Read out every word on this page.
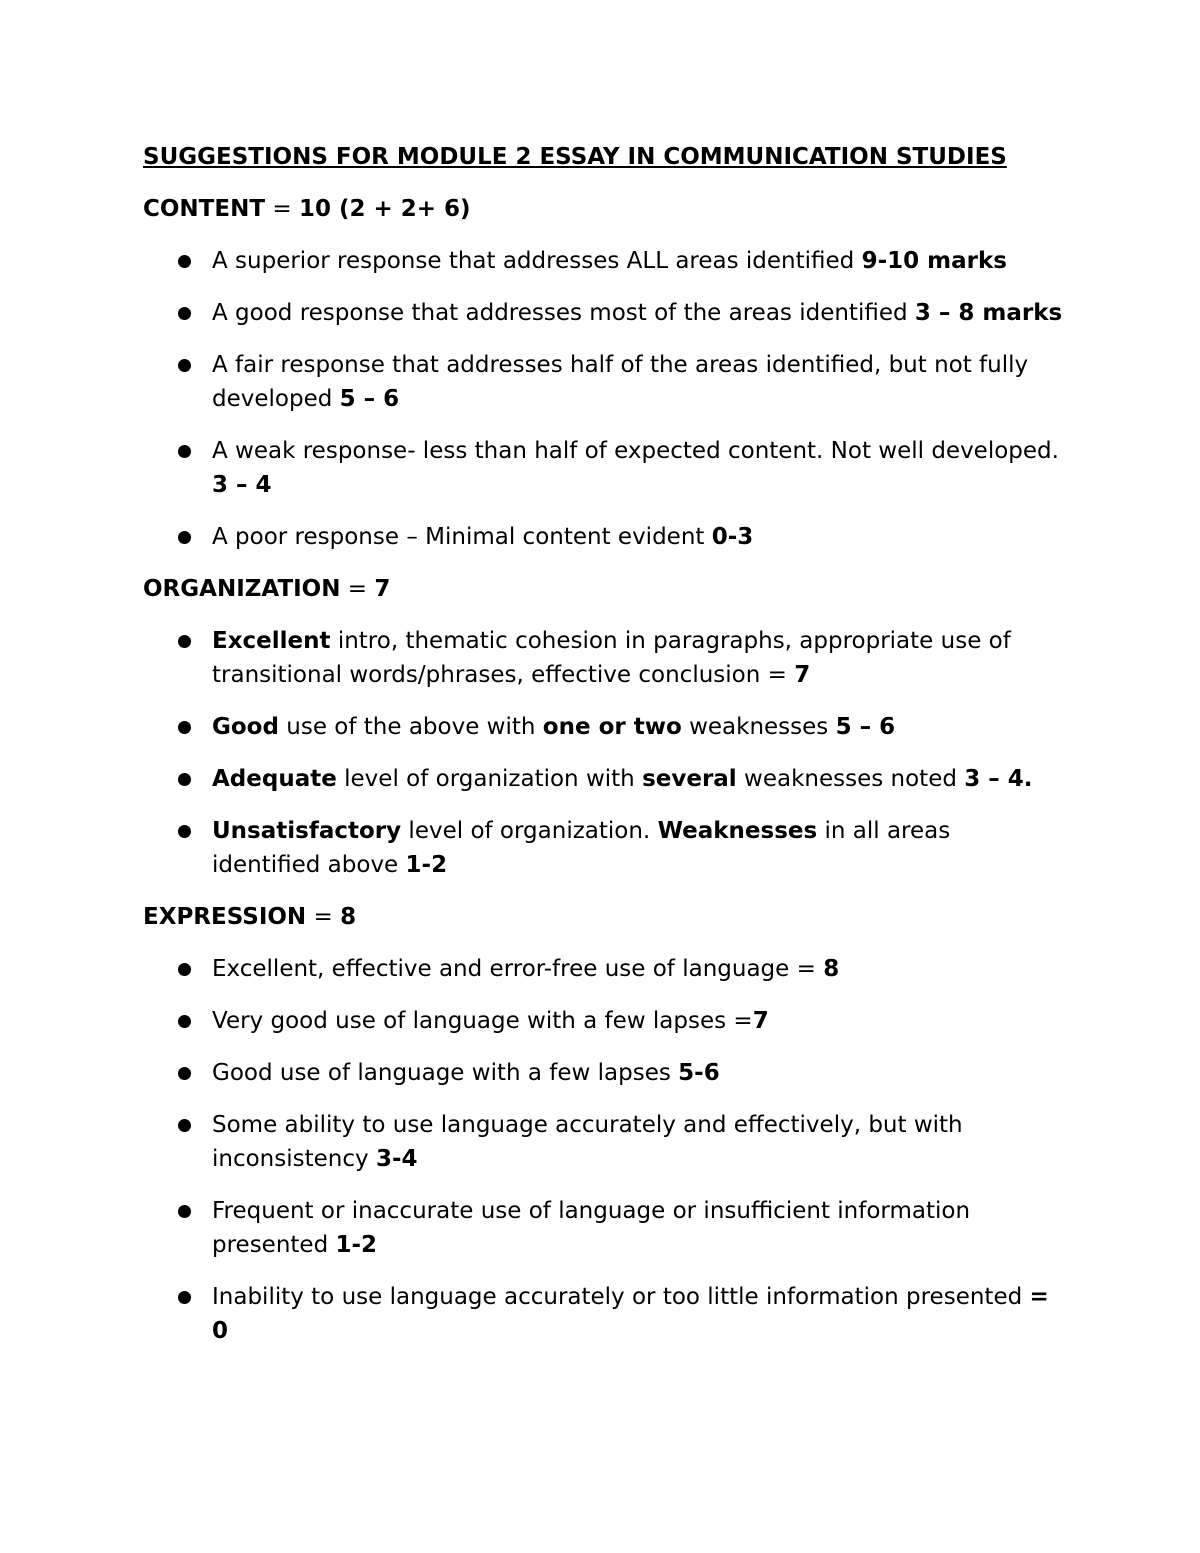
SUGGESTIONS FOR MODULE 2 ESSAY IN COMMUNICATION STUDIES
CONTENT = 10 (2 + 2+ 6)
A superior response that addresses ALL areas identified 9-10 marks
A good response that addresses most of the areas identified 3 – 8 marks
A fair response that addresses half of the areas identified, but not fully developed 5 – 6
A weak response- less than half of expected content. Not well developed. 3 – 4
A poor response – Minimal content evident 0-3
ORGANIZATION = 7
Excellent intro, thematic cohesion in paragraphs, appropriate use of transitional words/phrases, effective conclusion = 7
Good use of the above with one or two weaknesses 5 – 6
Adequate level of organization with several weaknesses noted 3 – 4.
Unsatisfactory level of organization. Weaknesses in all areas identified above 1-2
EXPRESSION = 8
Excellent, effective and error-free use of language = 8
Very good use of language with a few lapses =7
Good use of language with a few lapses 5-6
Some ability to use language accurately and effectively, but with inconsistency 3-4
Frequent or inaccurate use of language or insufficient information presented 1-2
Inability to use language accurately or too little information presented = 0
